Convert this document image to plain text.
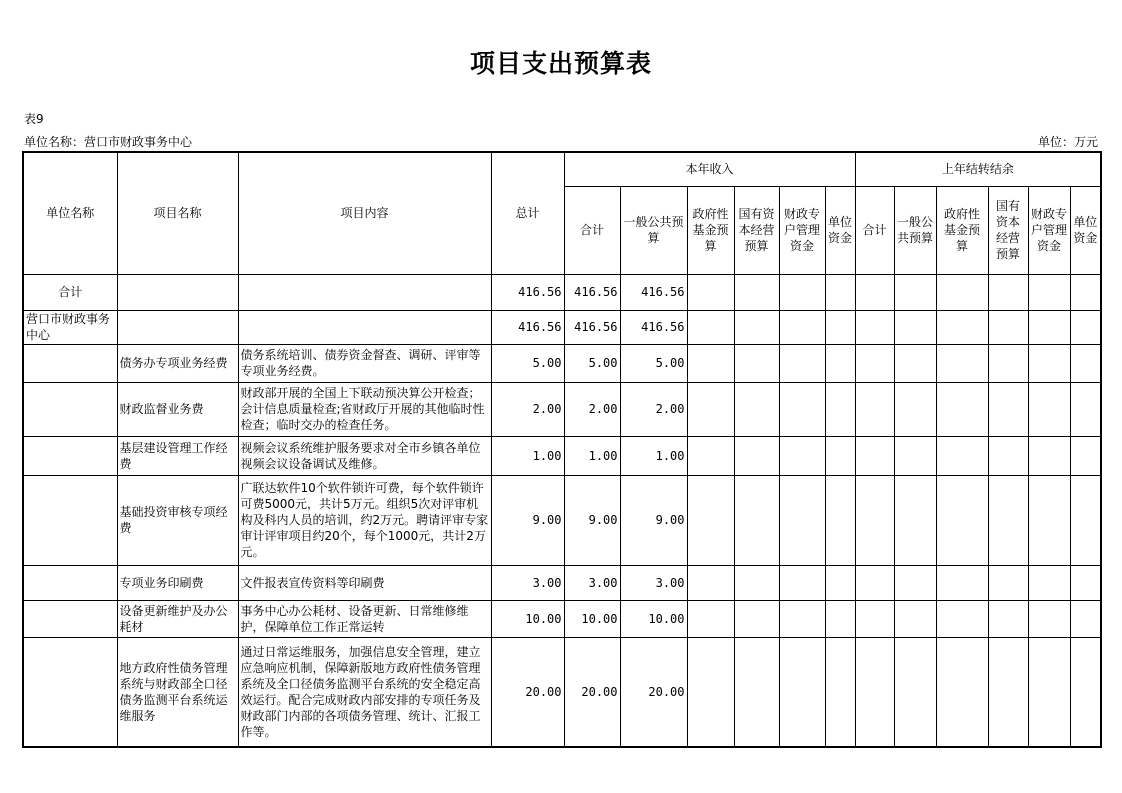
项目支出预算表
表9
单位名称：营口市财政事务中心	单位：万元
单位名称	项目名称	项目内容	总计	本年收入						上年结转结余					
				合计	一般公共预算	政府性基金预算	国有资本经营预算	财政专户管理资金	单位资金	合计	一般公共预算	政府性基金预算	国有资本经营预算	财政专户管理资金	单位资金
合计			416.56	416.56	416.56										
营口市财政事务中心			416.56	416.56	416.56										
	债务办专项业务经费	债务系统培训、债券资金督查、调研、评审等专项业务经费。	5.00	5.00	5.00										
	财政监督业务费	财政部开展的全国上下联动预决算公开检查；会计信息质量检查;省财政厅开展的其他临时性检查；临时交办的检查任务。	2.00	2.00	2.00										
	基层建设管理工作经费	视频会议系统维护服务要求对全市乡镇各单位视频会议设备调试及维修。	1.00	1.00	1.00										
	基础投资审核专项经费	广联达软件10个软件锁许可费，每个软件锁许可费5000元，共计5万元。组织5次对评审机构及科内人员的培训，约2万元。聘请评审专家审计评审项目约20个，每个1000元，共计2万元。	9.00	9.00	9.00										
	专项业务印刷费	文件报表宣传资料等印刷费	3.00	3.00	3.00										
	设备更新维护及办公耗材	事务中心办公耗材、设备更新、日常维修维护，保障单位工作正常运转	10.00	10.00	10.00										
	地方政府性债务管理系统与财政部全口径债务监测平台系统运维服务	通过日常运维服务，加强信息安全管理，建立应急响应机制，保障新版地方政府性债务管理系统及全口径债务监测平台系统的安全稳定高效运行。配合完成财政内部安排的专项任务及财政部门内部的各项债务管理、统计、汇报工作等。	20.00	20.00	20.00										
